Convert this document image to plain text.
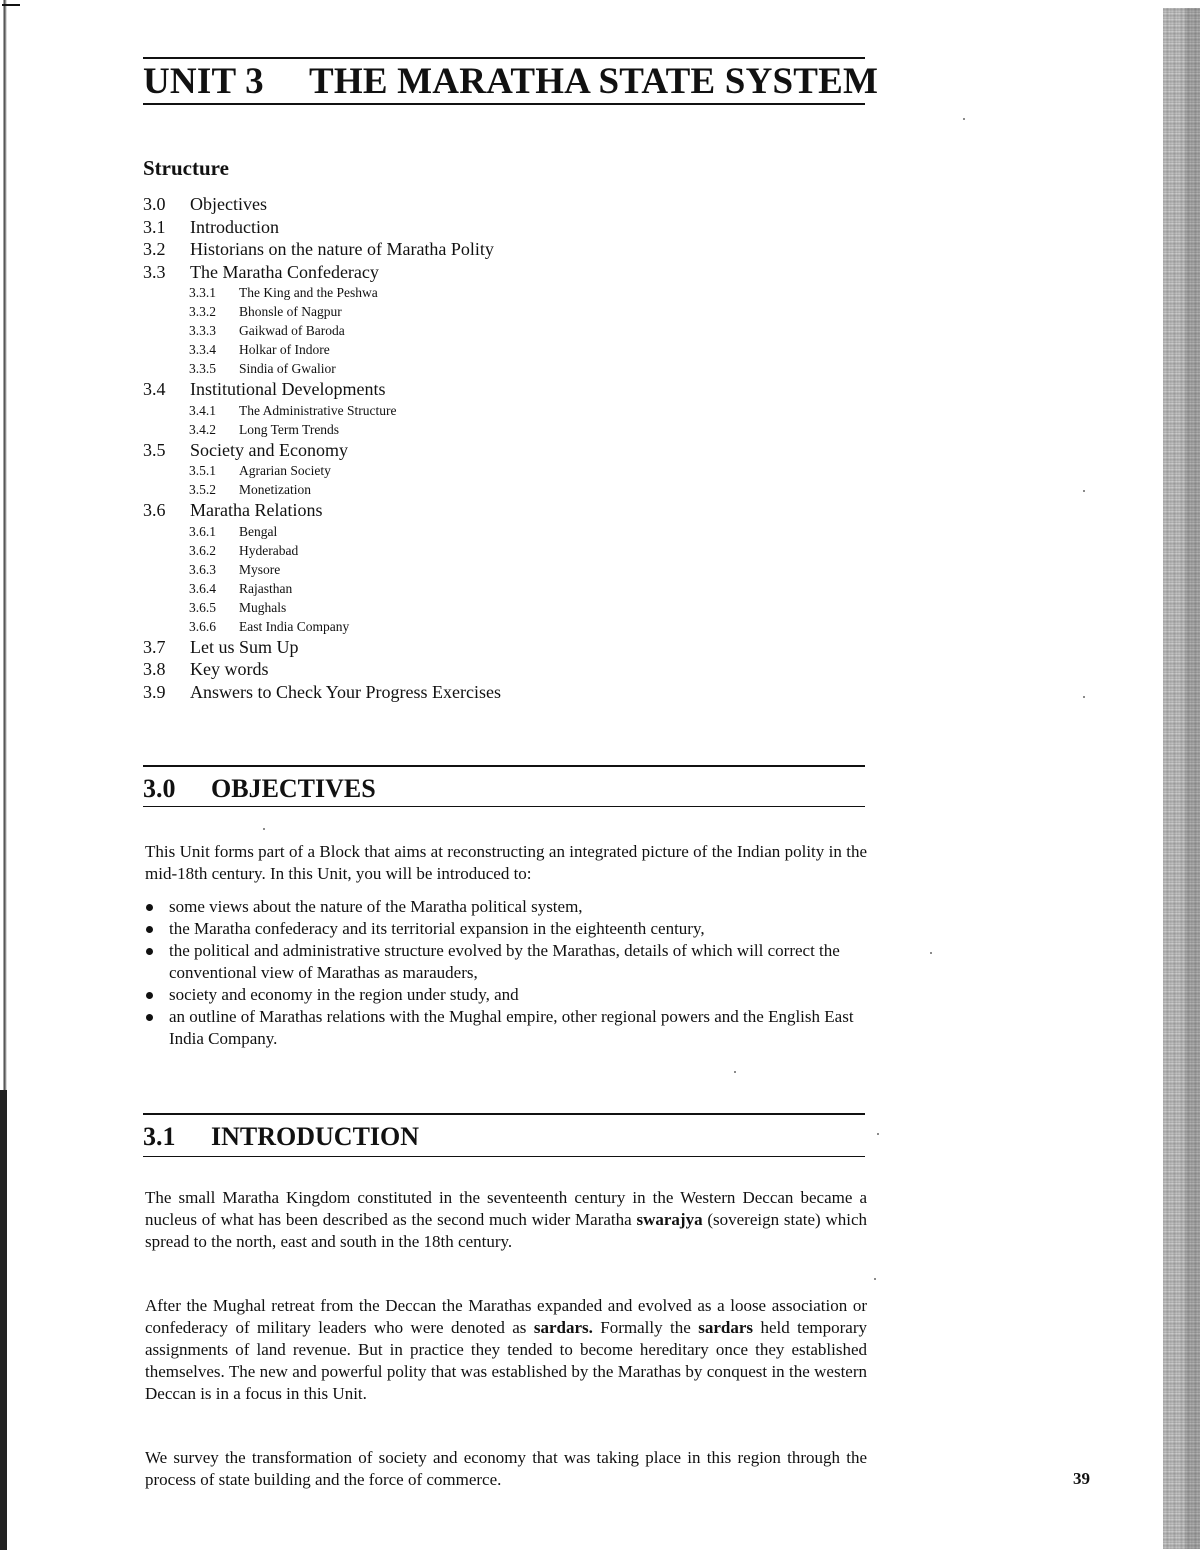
UNIT 3 THE MARATHA STATE SYSTEM
Structure
3.0	Objectives
3.1	Introduction
3.2	Historians on the nature of Maratha Polity
3.3	The Maratha Confederacy
3.3.1	The King and the Peshwa
3.3.2	Bhonsle of Nagpur
3.3.3	Gaikwad of Baroda
3.3.4	Holkar of Indore
3.3.5	Sindia of Gwalior
3.4	Institutional Developments
3.4.1	The Administrative Structure
3.4.2	Long Term Trends
3.5	Society and Economy
3.5.1	Agrarian Society
3.5.2	Monetization
3.6	Maratha Relations
3.6.1	Bengal
3.6.2	Hyderabad
3.6.3	Mysore
3.6.4	Rajasthan
3.6.5	Mughals
3.6.6	East India Company
3.7	Let us Sum Up
3.8	Key words
3.9	Answers to Check Your Progress Exercises
3.0 OBJECTIVES
This Unit forms part of a Block that aims at reconstructing an integrated picture of the Indian polity in the mid-18th century. In this Unit, you will be introduced to:
some views about the nature of the Maratha political system,
the Maratha confederacy and its territorial expansion in the eighteenth century,
the political and administrative structure evolved by the Marathas, details of which will correct the conventional view of Marathas as marauders,
society and economy in the region under study, and
an outline of Marathas relations with the Mughal empire, other regional powers and the English East India Company.
3.1 INTRODUCTION
The small Maratha Kingdom constituted in the seventeenth century in the Western Deccan became a nucleus of what has been described as the second much wider Maratha swarajya (sovereign state) which spread to the north, east and south in the 18th century.
After the Mughal retreat from the Deccan the Marathas expanded and evolved as a loose association or confederacy of military leaders who were denoted as sardars. Formally the sardars held temporary assignments of land revenue. But in practice they tended to become hereditary once they established themselves. The new and powerful polity that was established by the Marathas by conquest in the western Deccan is in a focus in this Unit.
We survey the transformation of society and economy that was taking place in this region through the process of state building and the force of commerce.	39
